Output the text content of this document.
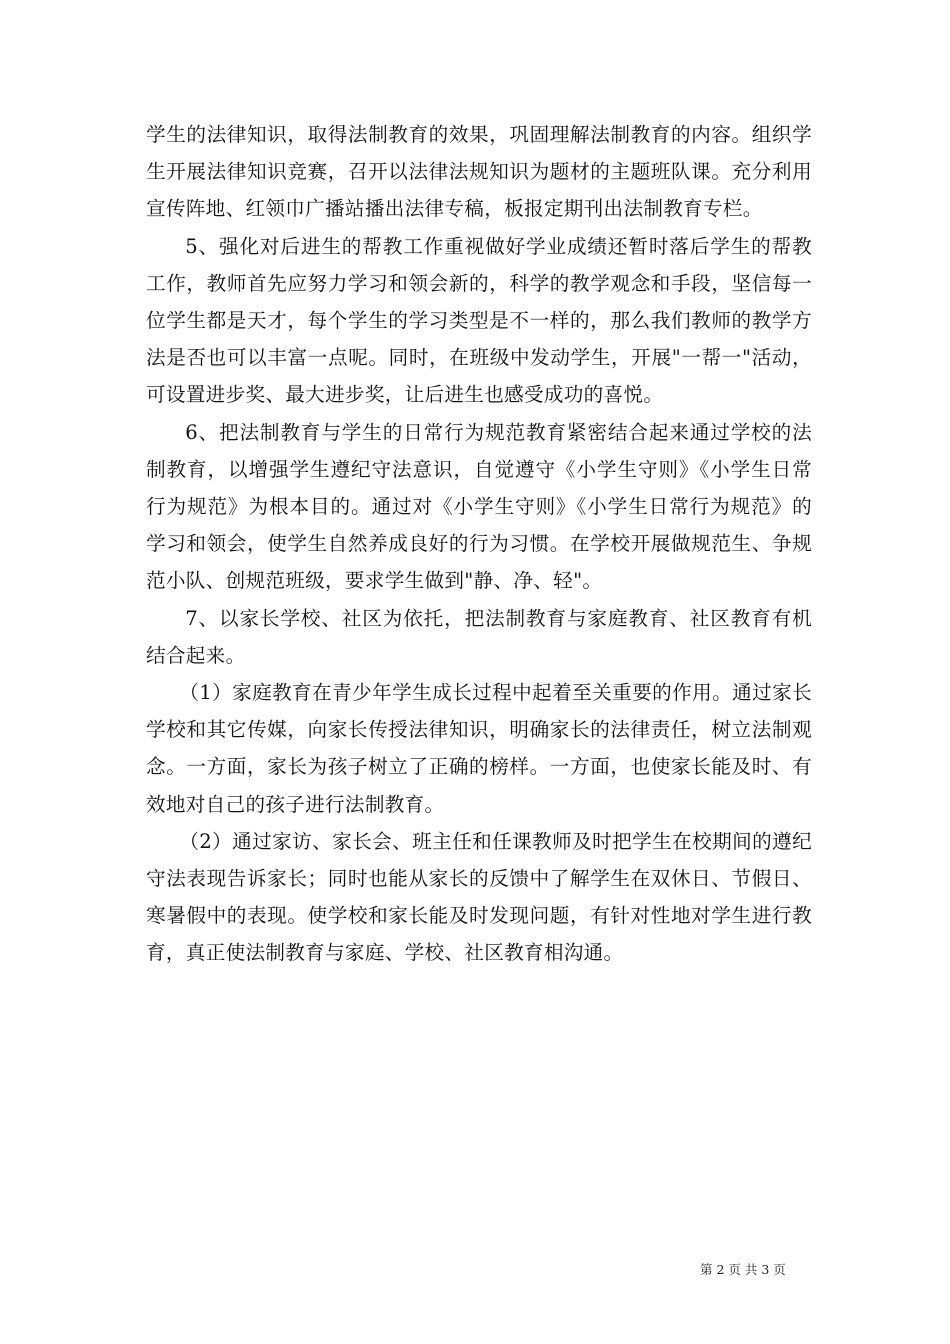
学生的法律知识，取得法制教育的效果，巩固理解法制教育的内容。组织学生开展法律知识竞赛，召开以法律法规知识为题材的主题班队课。充分利用宣传阵地、红领巾广播站播出法律专稿，板报定期刊出法制教育专栏。

5、强化对后进生的帮教工作重视做好学业成绩还暂时落后学生的帮教工作，教师首先应努力学习和领会新的，科学的教学观念和手段，坚信每一位学生都是天才，每个学生的学习类型是不一样的，那么我们教师的教学方法是否也可以丰富一点呢。同时，在班级中发动学生，开展"一帮一"活动，可设置进步奖、最大进步奖，让后进生也感受成功的喜悦。

6、把法制教育与学生的日常行为规范教育紧密结合起来通过学校的法制教育，以增强学生遵纪守法意识，自觉遵守《小学生守则》《小学生日常行为规范》为根本目的。通过对《小学生守则》《小学生日常行为规范》的学习和领会，使学生自然养成良好的行为习惯。在学校开展做规范生、争规范小队、创规范班级，要求学生做到"静、净、轻"。

7、以家长学校、社区为依托，把法制教育与家庭教育、社区教育有机结合起来。

（1）家庭教育在青少年学生成长过程中起着至关重要的作用。通过家长学校和其它传媒，向家长传授法律知识，明确家长的法律责任，树立法制观念。一方面，家长为孩子树立了正确的榜样。一方面，也使家长能及时、有效地对自己的孩子进行法制教育。

（2）通过家访、家长会、班主任和任课教师及时把学生在校期间的遵纪守法表现告诉家长；同时也能从家长的反馈中了解学生在双休日、节假日、寒暑假中的表现。使学校和家长能及时发现问题，有针对性地对学生进行教育，真正使法制教育与家庭、学校、社区教育相沟通。

第 2 页 共 3 页
